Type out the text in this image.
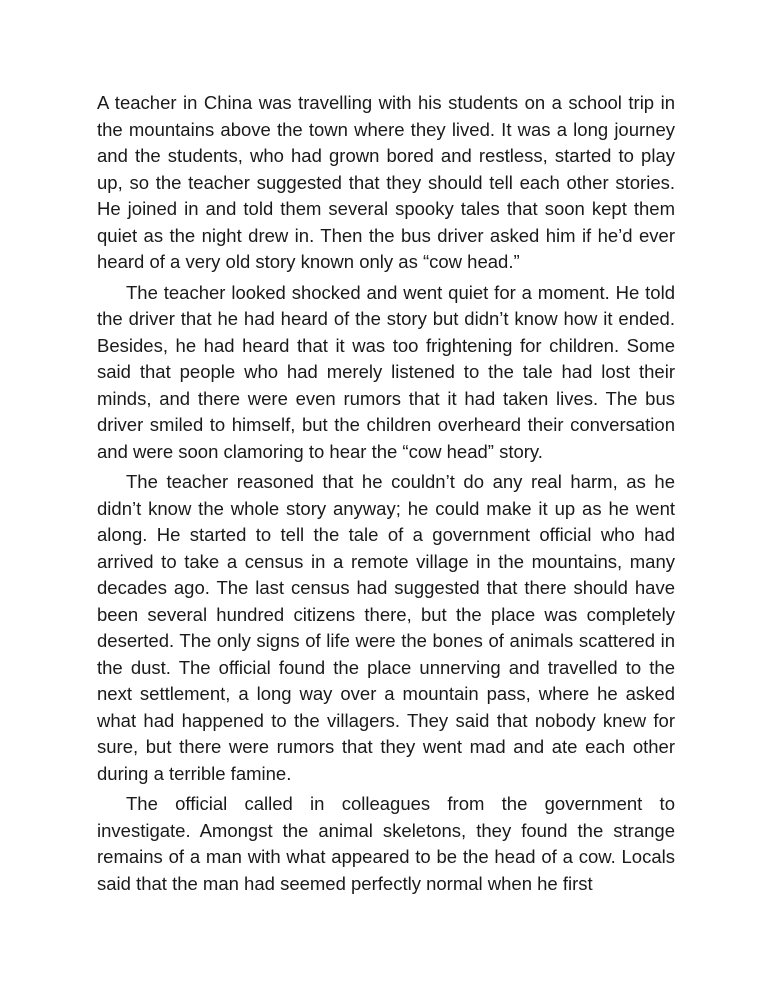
A teacher in China was travelling with his students on a school trip in the mountains above the town where they lived. It was a long journey and the students, who had grown bored and restless, started to play up, so the teacher suggested that they should tell each other stories. He joined in and told them several spooky tales that soon kept them quiet as the night drew in. Then the bus driver asked him if he’d ever heard of a very old story known only as “cow head.”

The teacher looked shocked and went quiet for a moment. He told the driver that he had heard of the story but didn’t know how it ended. Besides, he had heard that it was too frightening for children. Some said that people who had merely listened to the tale had lost their minds, and there were even rumors that it had taken lives. The bus driver smiled to himself, but the children overheard their conversation and were soon clamoring to hear the “cow head” story.

The teacher reasoned that he couldn’t do any real harm, as he didn’t know the whole story anyway; he could make it up as he went along. He started to tell the tale of a government official who had arrived to take a census in a remote village in the mountains, many decades ago. The last census had suggested that there should have been several hundred citizens there, but the place was completely deserted. The only signs of life were the bones of animals scattered in the dust. The official found the place unnerving and travelled to the next settlement, a long way over a mountain pass, where he asked what had happened to the villagers. They said that nobody knew for sure, but there were rumors that they went mad and ate each other during a terrible famine.

The official called in colleagues from the government to investigate. Amongst the animal skeletons, they found the strange remains of a man with what appeared to be the head of a cow. Locals said that the man had seemed perfectly normal when he first
